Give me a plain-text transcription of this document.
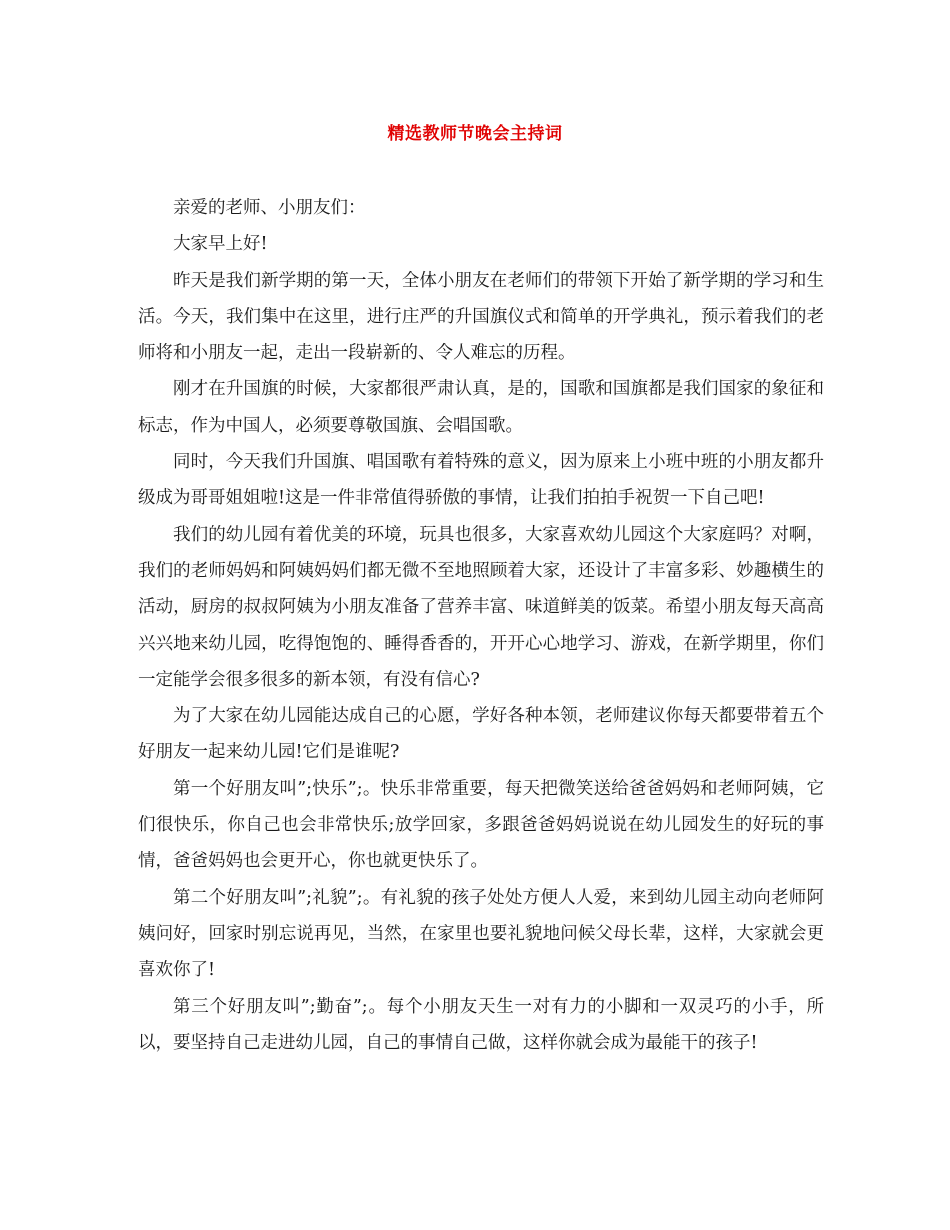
精选教师节晚会主持词

亲爱的老师、小朋友们：

大家早上好!

昨天是我们新学期的第一天，全体小朋友在老师们的带领下开始了新学期的学习和生活。今天，我们集中在这里，进行庄严的升国旗仪式和简单的开学典礼，预示着我们的老师将和小朋友一起，走出一段崭新的、令人难忘的历程。

刚才在升国旗的时候，大家都很严肃认真，是的，国歌和国旗都是我们国家的象征和标志，作为中国人，必须要尊敬国旗、会唱国歌。

同时，今天我们升国旗、唱国歌有着特殊的意义，因为原来上小班中班的小朋友都升级成为哥哥姐姐啦!这是一件非常值得骄傲的事情，让我们拍拍手祝贺一下自己吧!

我们的幼儿园有着优美的环境，玩具也很多，大家喜欢幼儿园这个大家庭吗？对啊，我们的老师妈妈和阿姨妈妈们都无微不至地照顾着大家，还设计了丰富多彩、妙趣横生的活动，厨房的叔叔阿姨为小朋友准备了营养丰富、味道鲜美的饭菜。希望小朋友每天高高兴兴地来幼儿园，吃得饱饱的、睡得香香的，开开心心地学习、游戏，在新学期里，你们一定能学会很多很多的新本领，有没有信心?

为了大家在幼儿园能达成自己的心愿，学好各种本领，老师建议你每天都要带着五个好朋友一起来幼儿园!它们是谁呢?

第一个好朋友叫”;快乐”;。快乐非常重要，每天把微笑送给爸爸妈妈和老师阿姨，它们很快乐，你自己也会非常快乐;放学回家，多跟爸爸妈妈说说在幼儿园发生的好玩的事情，爸爸妈妈也会更开心，你也就更快乐了。

第二个好朋友叫”;礼貌”;。有礼貌的孩子处处方便人人爱，来到幼儿园主动向老师阿姨问好，回家时别忘说再见，当然，在家里也要礼貌地问候父母长辈，这样，大家就会更喜欢你了!

第三个好朋友叫”;勤奋”;。每个小朋友天生一对有力的小脚和一双灵巧的小手，所以，要坚持自己走进幼儿园，自己的事情自己做，这样你就会成为最能干的孩子!
